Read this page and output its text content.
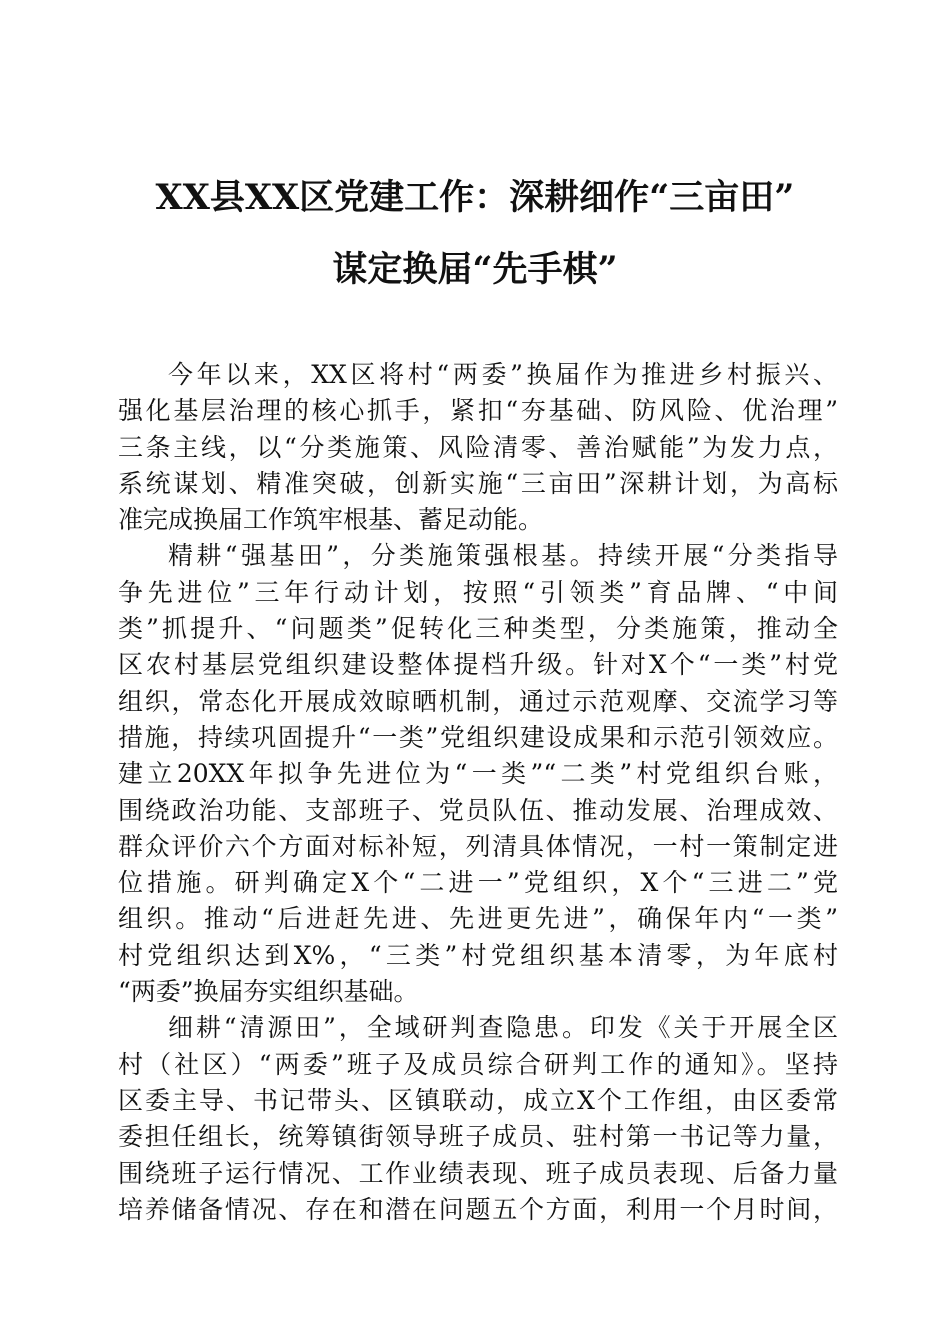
XX县XX区党建工作：深耕细作“三亩田”
谋定换届“先手棋”
今年以来，XX区将村“两委”换届作为推进乡村振兴、
强化基层治理的核心抓手，紧扣“夯基础、防风险、优治理”
三条主线，以“分类施策、风险清零、善治赋能”为发力点，
系统谋划、精准突破，创新实施“三亩田”深耕计划，为高标
准完成换届工作筑牢根基、蓄足动能。
精耕“强基田”，分类施策强根基。持续开展“分类指导
争先进位”三年行动计划，按照“引领类”育品牌、“中间
类”抓提升、“问题类”促转化三种类型，分类施策，推动全
区农村基层党组织建设整体提档升级。针对X个“一类”村党
组织，常态化开展成效晾晒机制，通过示范观摩、交流学习等
措施，持续巩固提升“一类”党组织建设成果和示范引领效应。
建立20XX年拟争先进位为“一类”“二类”村党组织台账，
围绕政治功能、支部班子、党员队伍、推动发展、治理成效、
群众评价六个方面对标补短，列清具体情况，一村一策制定进
位措施。研判确定X个“二进一”党组织，X个“三进二”党
组织。推动“后进赶先进、先进更先进”，确保年内“一类”
村党组织达到X%，“三类”村党组织基本清零，为年底村
“两委”换届夯实组织基础。
细耕“清源田”，全域研判查隐患。印发《关于开展全区
村（社区）“两委”班子及成员综合研判工作的通知》。坚持
区委主导、书记带头、区镇联动，成立X个工作组，由区委常
委担任组长，统筹镇街领导班子成员、驻村第一书记等力量，
围绕班子运行情况、工作业绩表现、班子成员表现、后备力量
培养储备情况、存在和潜在问题五个方面，利用一个月时间，
